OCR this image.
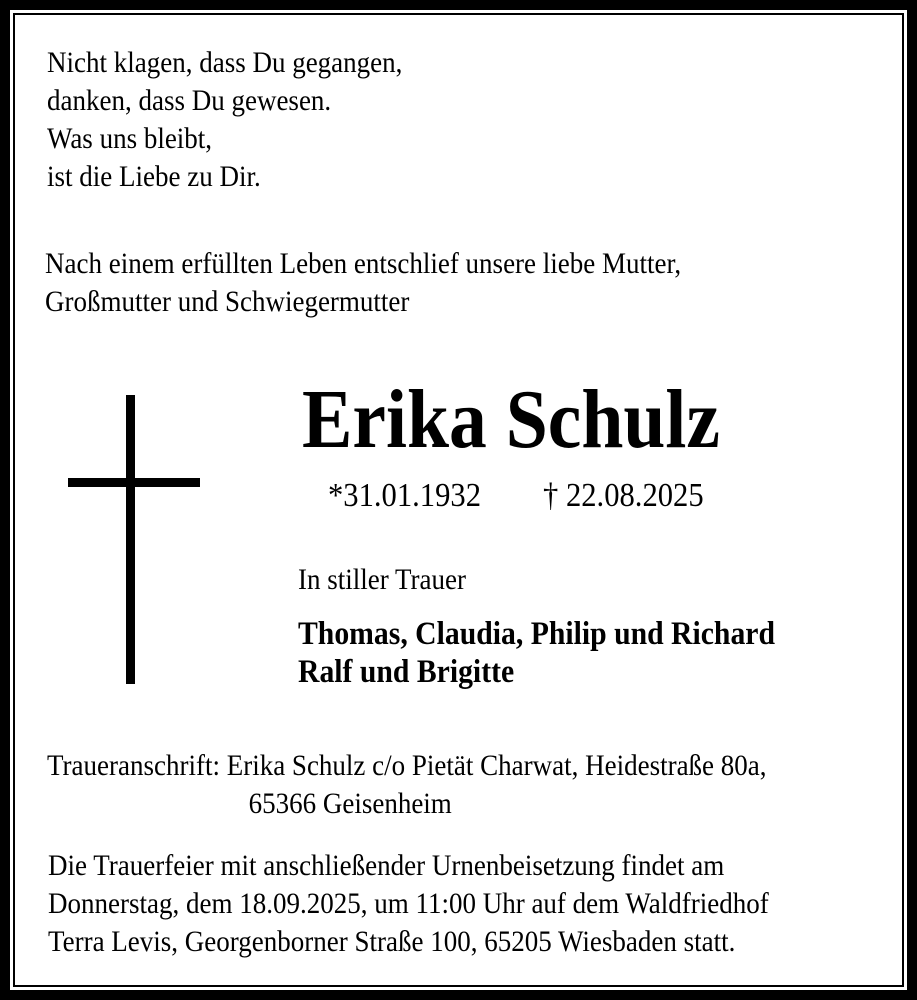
Nicht klagen, dass Du gegangen,
danken, dass Du gewesen.
Was uns bleibt,
ist die Liebe zu Dir.
Nach einem erfüllten Leben entschlief unsere liebe Mutter,
Großmutter und Schwiegermutter
Erika Schulz
*31.01.1932 † 22.08.2025
In stiller Trauer
Thomas, Claudia, Philip und Richard
Ralf und Brigitte
Traueranschrift: Erika Schulz c/o Pietät Charwat, Heidestraße 80a,
65366 Geisenheim
Die Trauerfeier mit anschließender Urnenbeisetzung findet am
Donnerstag, dem 18.09.2025, um 11:00 Uhr auf dem Waldfriedhof
Terra Levis, Georgenborner Straße 100, 65205 Wiesbaden statt.
